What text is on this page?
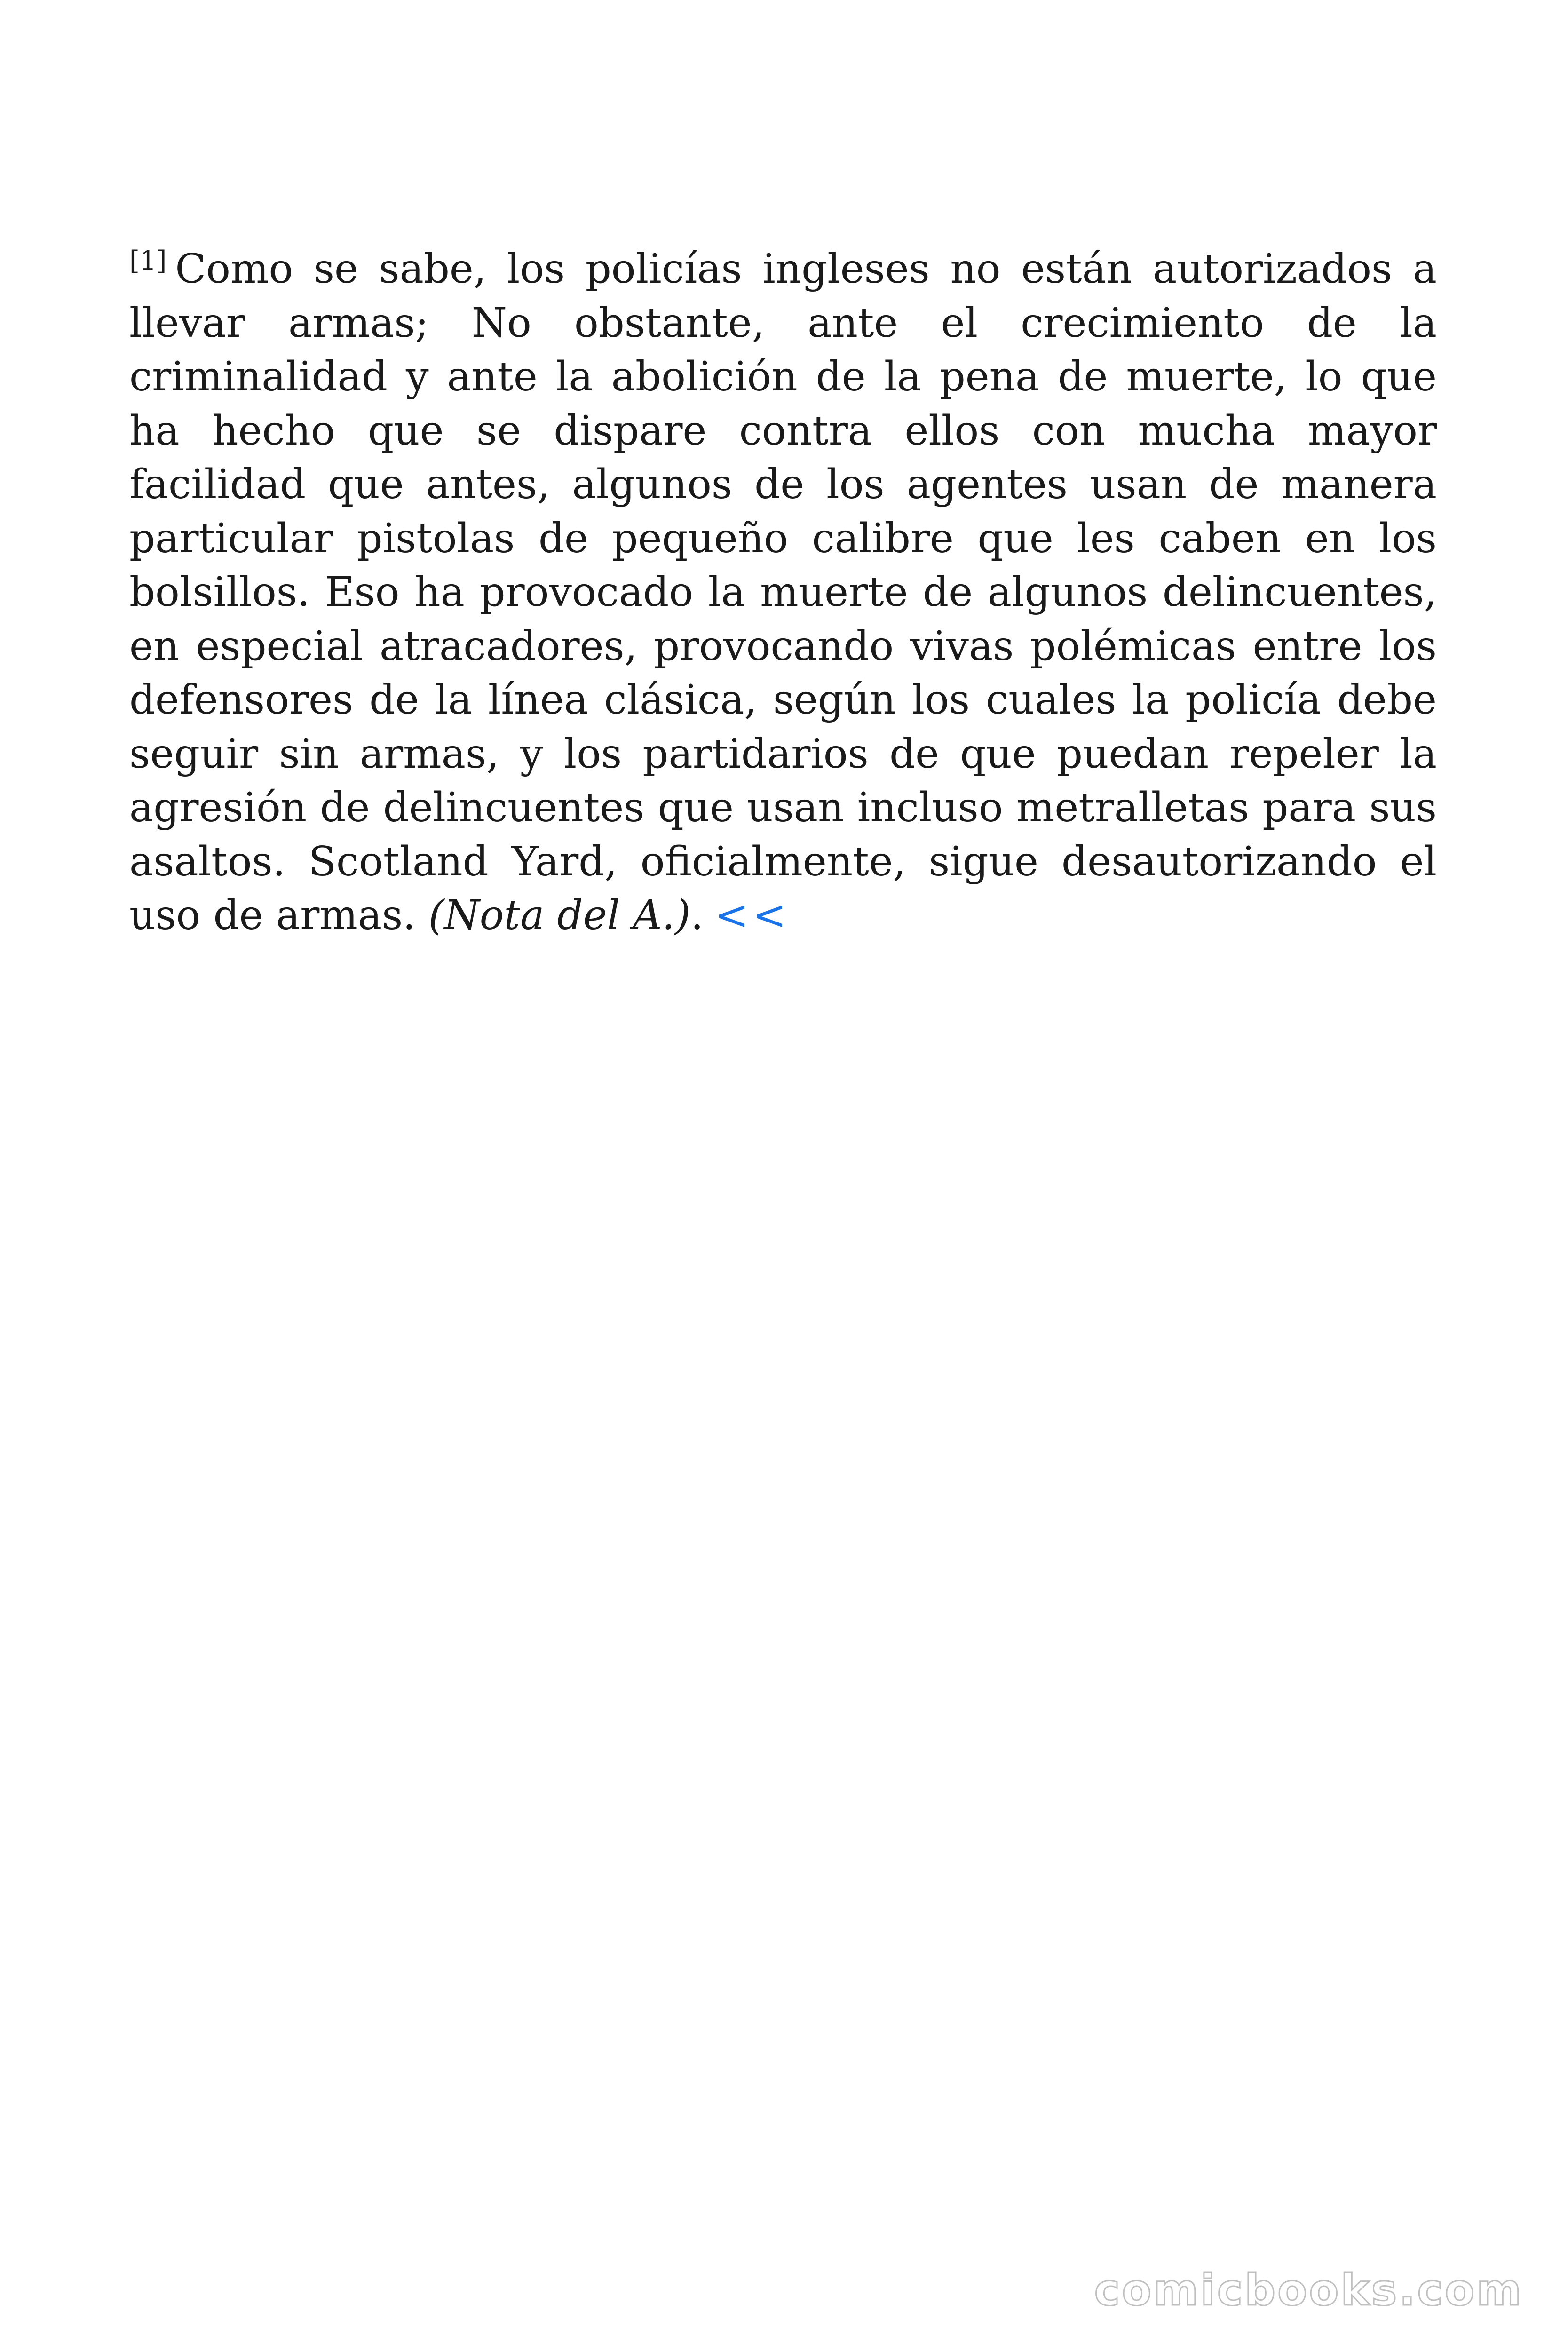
[1] Como se sabe, los policías ingleses no están autorizados a llevar armas; No obstante, ante el crecimiento de la criminalidad y ante la abolición de la pena de muerte, lo que ha hecho que se dispare contra ellos con mucha mayor facilidad que antes, algunos de los agentes usan de manera particular pistolas de pequeño calibre que les caben en los bolsillos. Eso ha provocado la muerte de algunos delincuentes, en especial atracadores, provocando vivas polémicas entre los defensores de la línea clásica, según los cuales la policía debe seguir sin armas, y los partidarios de que puedan repeler la agresión de delincuentes que usan incluso metralletas para sus asaltos. Scotland Yard, oficialmente, sigue desautorizando el uso de armas. (Nota del A.). <<

comicbooks.com
